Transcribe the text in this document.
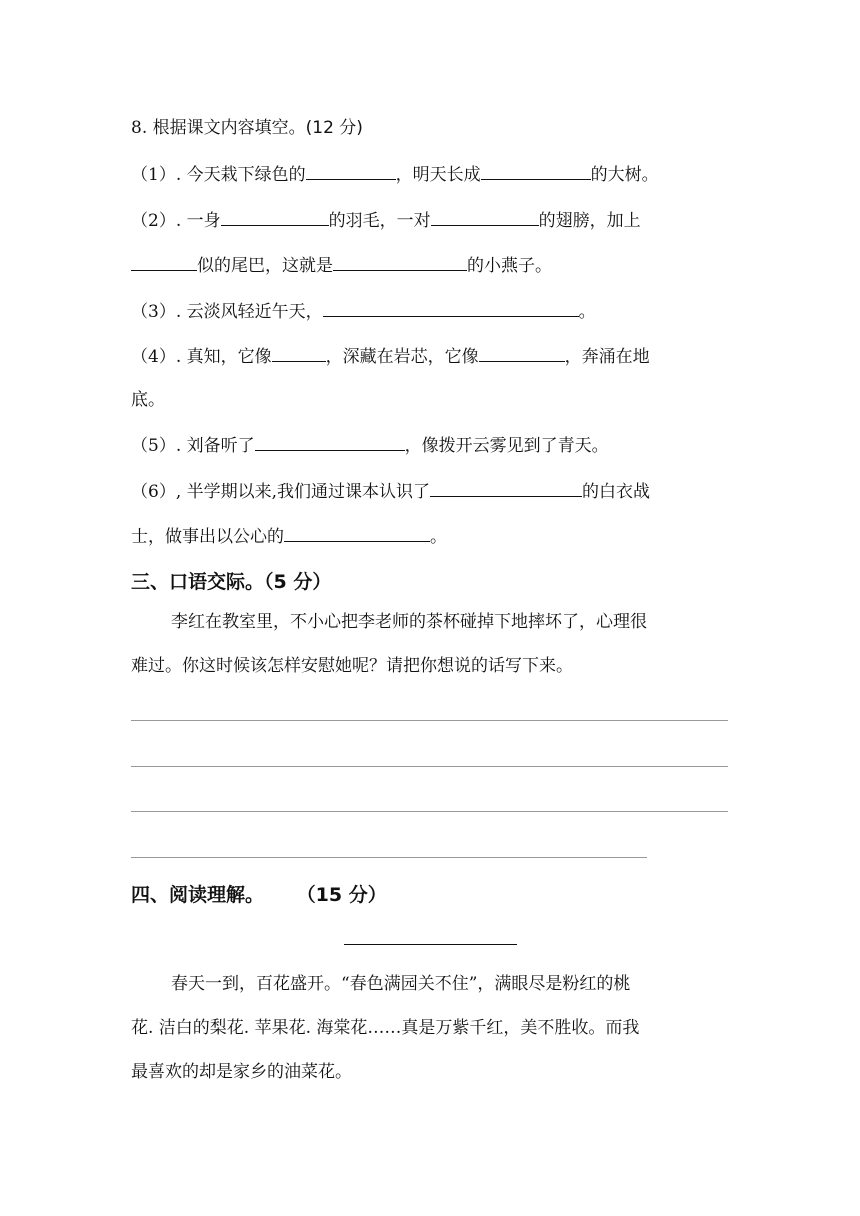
8. 根据课文内容填空。(12 分)
（1）. 今天栽下绿色的	，明天长成	的大树。
（2）. 一身	的羽毛，一对	的翅膀，加上
似的尾巴，这就是	的小燕子。
（3）. 云淡风轻近午天，	。
（4）. 真知，它像	，深藏在岩芯，它像	，奔涌在地
底。
（5）. 刘备听了	，像拨开云雾见到了青天。
（6）, 半学期以来,我们通过课本认识了	的白衣战
士，做事出以公心的	。
三、口语交际。（5 分）

李红在教室里，不小心把李老师的茶杯碰掉下地摔坏了，心理很

难过。你这时候该怎样安慰她呢？请把你想说的话写下来。

四、阅读理解。 （15 分）

春天一到，百花盛开。“春色满园关不住”，满眼尽是粉红的桃

花. 洁白的梨花. 苹果花. 海棠花……真是万紫千红，美不胜收。而我

最喜欢的却是家乡的油菜花。
